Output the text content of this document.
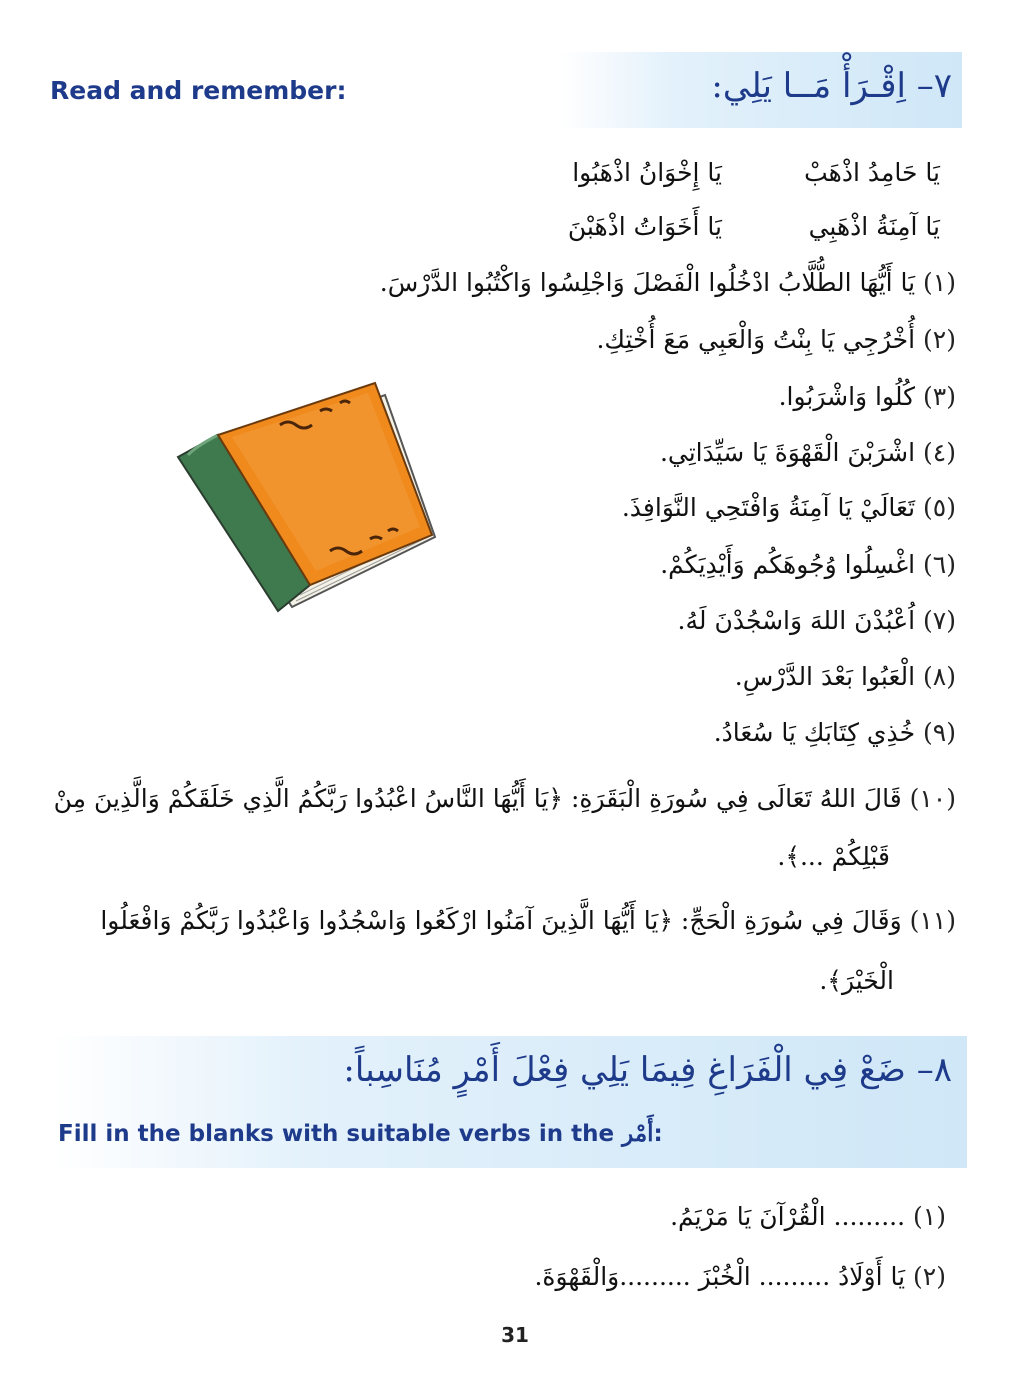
Read and remember:	٧– اِقْـرَأْ مَــا يَلِي:
يَا حَامِدُ اذْهَبْ
يَا إِخْوَانُ اذْهَبُوا
يَا آمِنَةُ اذْهَبِي
يَا أَخَوَاتُ اذْهَبْنَ
(١) يَا أَيُّهَا الطُّلَّابُ ادْخُلُوا الْفَصْلَ وَاجْلِسُوا وَاكْتُبُوا الدَّرْسَ.
(٢) أُخْرُجِي يَا بِنْتُ وَالْعَبِي مَعَ أُخْتِكِ.
(٣) كُلُوا وَاشْرَبُوا.
(٤) اشْرَبْنَ الْقَهْوَةَ يَا سَيِّدَاتِي.
(٥) تَعَالَيْ يَا آمِنَةُ وَافْتَحِي النَّوَافِذَ.
(٦) اغْسِلُوا وُجُوهَكُم وَأَيْدِيَكُمْ.
(٧) اُعْبُدْنَ اللهَ وَاسْجُدْنَ لَهُ.
(٨) الْعَبُوا بَعْدَ الدَّرْسِ.
(٩) خُذِي كِتَابَكِ يَا سُعَادُ.
(١٠) قَالَ اللهُ تَعَالَى فِي سُورَةِ الْبَقَرَةِ: ﴿يَا أَيُّهَا النَّاسُ اعْبُدُوا رَبَّكُمُ الَّذِي خَلَقَكُمْ وَالَّذِينَ مِنْ
قَبْلِكُمْ ...﴾.
(١١) وَقَالَ فِي سُورَةِ الْحَجِّ: ﴿يَا أَيُّهَا الَّذِينَ آمَنُوا ارْكَعُوا وَاسْجُدُوا وَاعْبُدُوا رَبَّكُمْ وَافْعَلُوا
الْخَيْرَ﴾.
٨– ضَعْ فِي الْفَرَاغِ فِيمَا يَلِي فِعْلَ أَمْرٍ مُنَاسِباً:
Fill in the blanks with suitable verbs in the أَمْر:
(١) ......... الْقُرْآنَ يَا مَرْيَمُ.
(٢) يَا أَوْلَادُ ......... الْخُبْزَ .........وَالْقَهْوَةَ.
31
